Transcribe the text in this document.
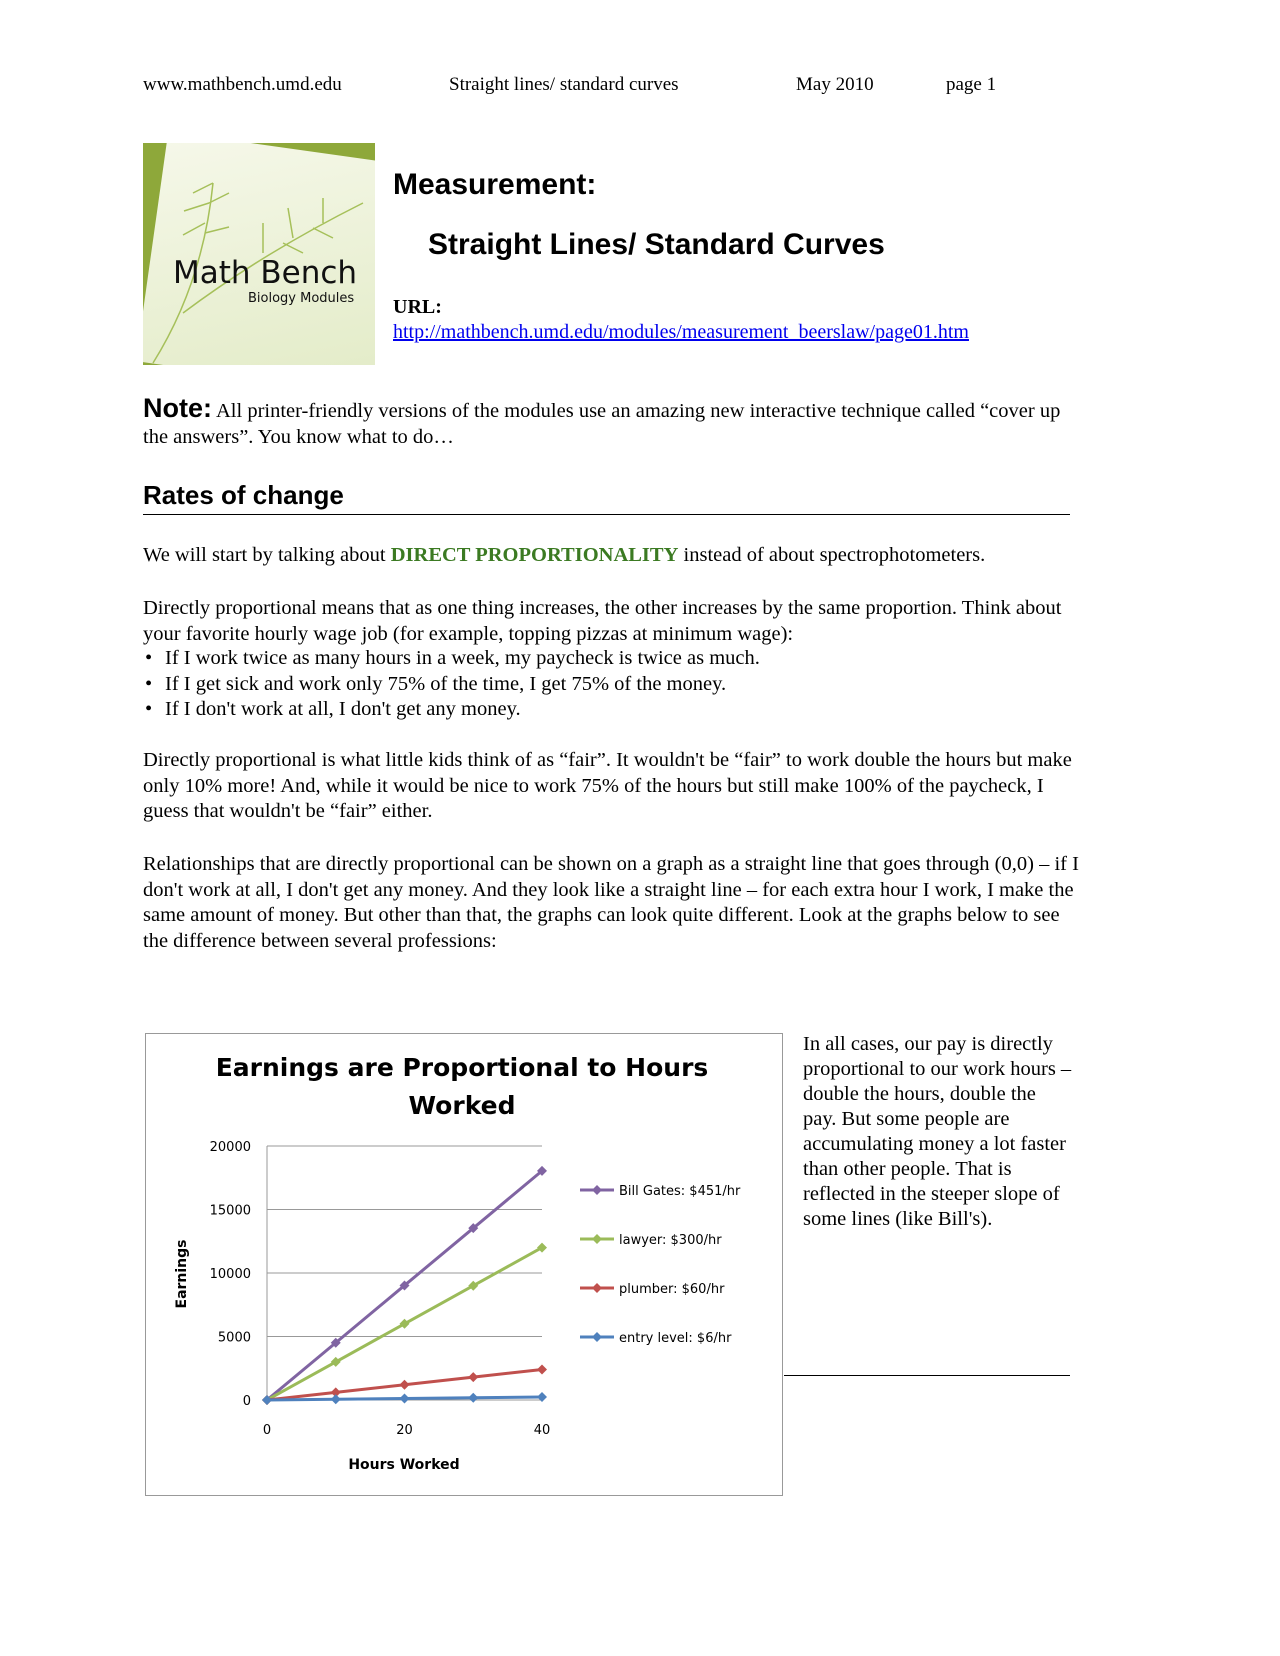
www.mathbench.umd.edu	Straight lines/ standard curves	May 2010	page 1
Math Bench
Biology Modules
Measurement:
Straight Lines/ Standard Curves
URL:
http://mathbench.umd.edu/modules/measurement_beerslaw/page01.htm
Note: All printer-friendly versions of the modules use an amazing new interactive technique called “cover up the answers”. You know what to do…
Rates of change
We will start by talking about DIRECT PROPORTIONALITY instead of about spectrophotometers.
Directly proportional means that as one thing increases, the other increases by the same proportion. Think about your favorite hourly wage job (for example, topping pizzas at minimum wage):
• If I work twice as many hours in a week, my paycheck is twice as much.
• If I get sick and work only 75% of the time, I get 75% of the money.
• If I don't work at all, I don't get any money.
Directly proportional is what little kids think of as “fair”. It wouldn't be “fair” to work double the hours but make only 10% more! And, while it would be nice to work 75% of the hours but still make 100% of the paycheck, I guess that wouldn't be “fair” either.
Relationships that are directly proportional can be shown on a graph as a straight line that goes through (0,0) – if I don't work at all, I don't get any money. And they look like a straight line – for each extra hour I work, I make the same amount of money. But other than that, the graphs can look quite different. Look at the graphs below to see the difference between several professions:
Earnings are Proportional to Hours
Worked
0
5000
10000
15000
20000
0	20	40
Bill Gates: $451/hr
lawyer: $300/hr
plumber: $60/hr
entry level: $6/hr
Hours Worked
Earnings
In all cases, our pay is directly proportional to our work hours – double the hours, double the pay. But some people are accumulating money a lot faster than other people. That is reflected in the steeper slope of some lines (like Bill's).
